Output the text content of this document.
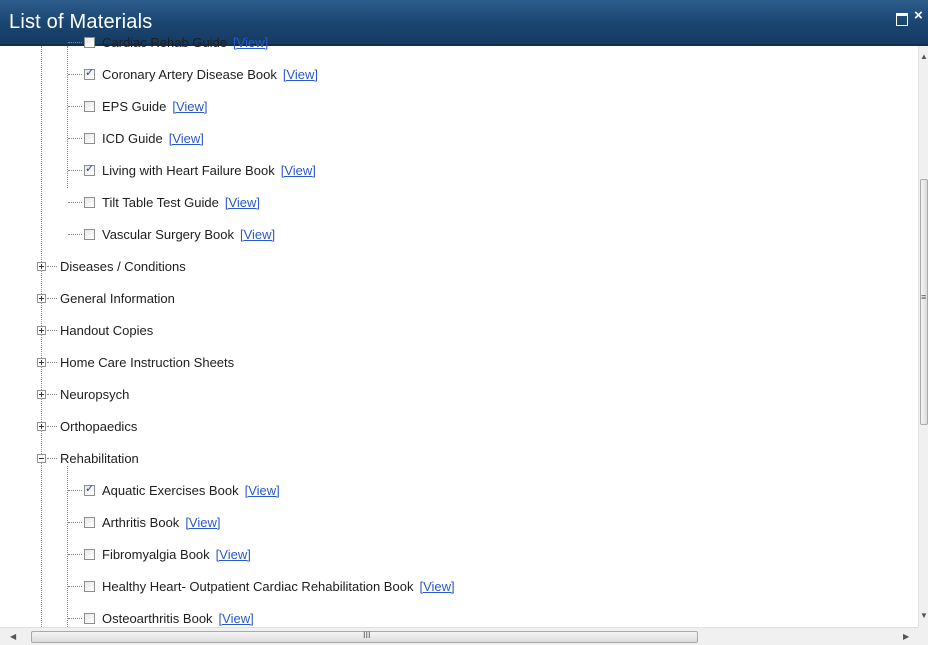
List of Materials	×
Cardiac Rehab Guide [View]
✓
Coronary Artery Disease Book [View]
EPS Guide [View]
ICD Guide [View]
✓
Living with Heart Failure Book [View]
Tilt Table Test Guide [View]
Vascular Surgery Book [View]
Diseases / Conditions
General Information
Handout Copies
Home Care Instruction Sheets
Neuropsych
Orthopaedics
Rehabilitation
✓
Aquatic Exercises Book [View]
Arthritis Book [View]
Fibromyalgia Book [View]
Healthy Heart- Outpatient Cardiac Rehabilitation Book [View]
Osteoarthritis Book [View]
▲
≡
▼
◀	III	▶
